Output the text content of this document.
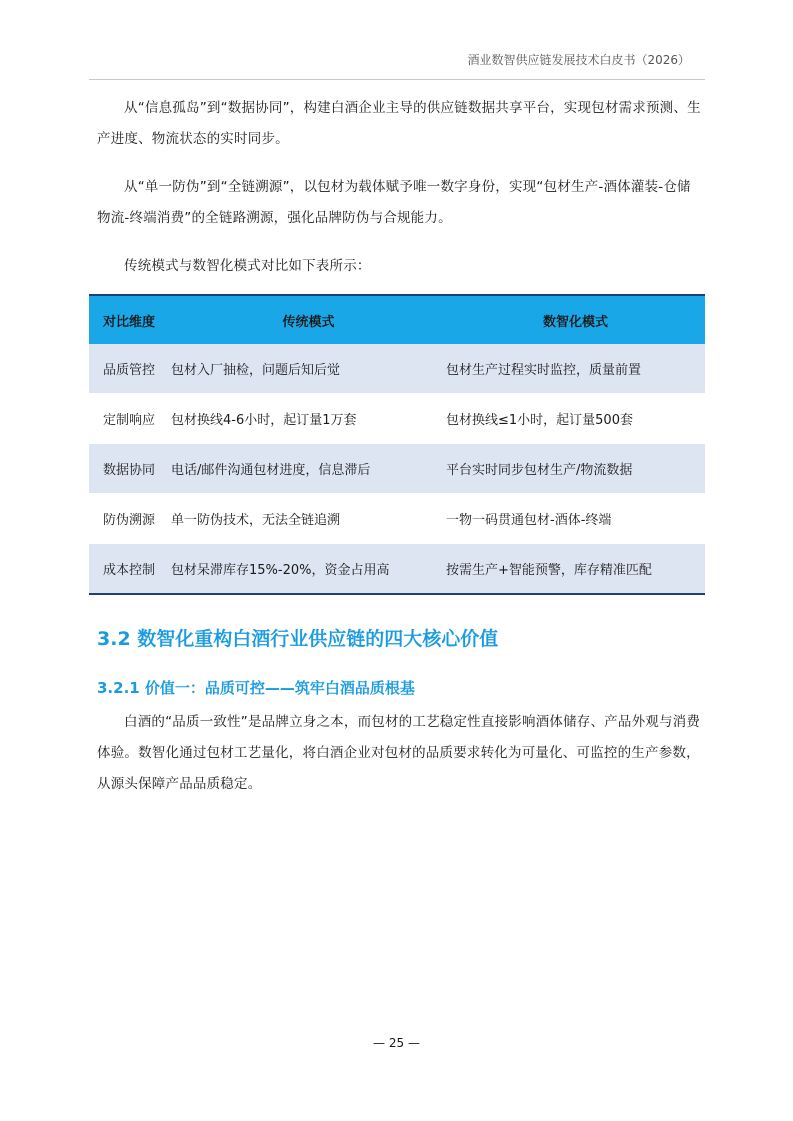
酒业数智供应链发展技术白皮书（2026）

从“信息孤岛”到“数据协同”，构建白酒企业主导的供应链数据共享平台，实现包材需求预测、生产进度、物流状态的实时同步。

从“单一防伪”到“全链溯源”，以包材为载体赋予唯一数字身份，实现“包材生产-酒体灌装-仓储物流-终端消费”的全链路溯源，强化品牌防伪与合规能力。

传统模式与数智化模式对比如下表所示：

对比维度	传统模式	数智化模式
品质管控	包材入厂抽检，问题后知后觉	包材生产过程实时监控，质量前置
定制响应	包材换线4-6小时，起订量1万套	包材换线≤1小时，起订量500套
数据协同	电话/邮件沟通包材进度，信息滞后	平台实时同步包材生产/物流数据
防伪溯源	单一防伪技术，无法全链追溯	一物一码贯通包材-酒体-终端
成本控制	包材呆滞库存15%-20%，资金占用高	按需生产+智能预警，库存精准匹配
3.2 数智化重构白酒行业供应链的四大核心价值
3.2.1 价值一：品质可控——筑牢白酒品质根基

白酒的“品质一致性”是品牌立身之本，而包材的工艺稳定性直接影响酒体储存、产品外观与消费体验。数智化通过包材工艺量化，将白酒企业对包材的品质要求转化为可量化、可监控的生产参数，从源头保障产品品质稳定。

— 25 —
